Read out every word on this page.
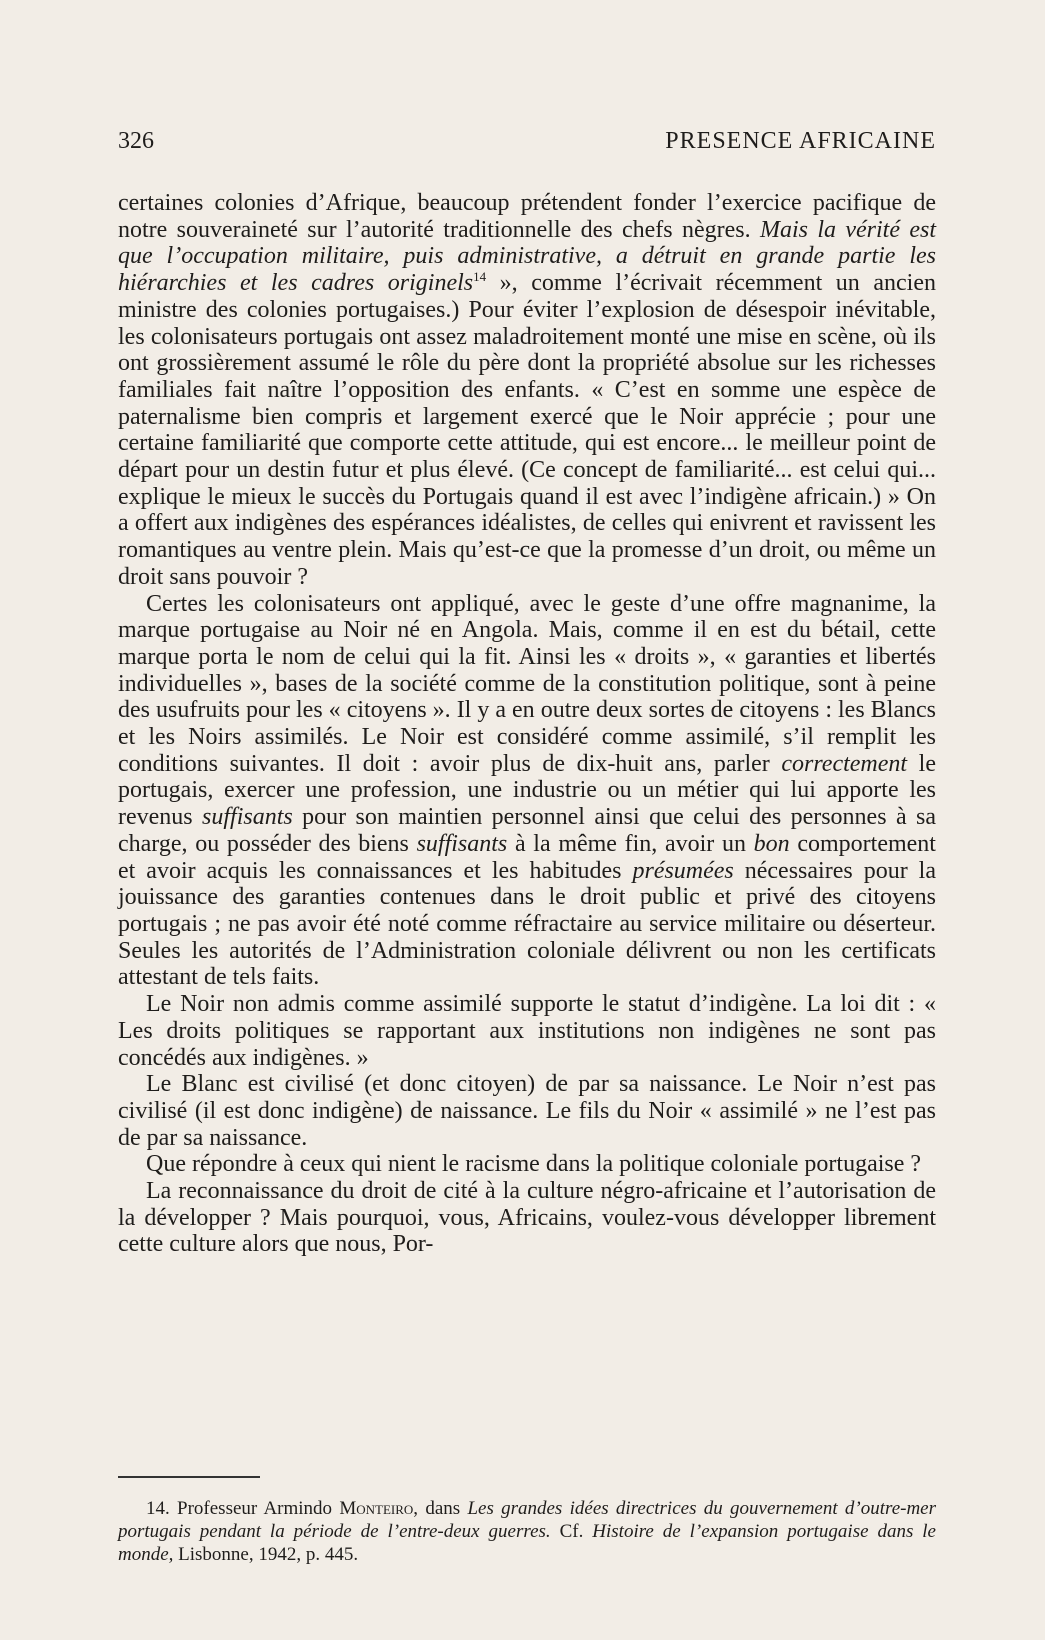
326	PRESENCE AFRICAINE

certaines colonies d’Afrique, beaucoup prétendent fonder l’exercice pacifique de notre souveraineté sur l’autorité traditionnelle des chefs nègres. Mais la vérité est que l’occupation militaire, puis administrative, a détruit en grande partie les hiérarchies et les cadres originels$^{14}$ », comme l’écrivait récemment un ancien ministre des colonies portugaises.) Pour éviter l’explosion de désespoir inévitable, les colonisateurs portugais ont assez maladroitement monté une mise en scène, où ils ont grossièrement assumé le rôle du père dont la propriété absolue sur les richesses familiales fait naître l’opposition des enfants. « C’est en somme une espèce de paternalisme bien compris et largement exercé que le Noir apprécie ; pour une certaine familiarité que comporte cette attitude, qui est encore... le meilleur point de départ pour un destin futur et plus élevé. (Ce concept de familiarité... est celui qui... explique le mieux le succès du Portugais quand il est avec l’indigène africain.) » On a offert aux indigènes des espérances idéalistes, de celles qui enivrent et ravissent les romantiques au ventre plein. Mais qu’est-ce que la promesse d’un droit, ou même un droit sans pouvoir ?

Certes les colonisateurs ont appliqué, avec le geste d’une offre magnanime, la marque portugaise au Noir né en Angola. Mais, comme il en est du bétail, cette marque porta le nom de celui qui la fit. Ainsi les « droits », « garanties et libertés individuelles », bases de la société comme de la constitution politique, sont à peine des usufruits pour les « citoyens ». Il y a en outre deux sortes de citoyens : les Blancs et les Noirs assimilés. Le Noir est considéré comme assimilé, s’il remplit les conditions suivantes. Il doit : avoir plus de dix-huit ans, parler correctement le portugais, exercer une profession, une industrie ou un métier qui lui apporte les revenus suffisants pour son maintien personnel ainsi que celui des personnes à sa charge, ou posséder des biens suffisants à la même fin, avoir un bon comportement et avoir acquis les connaissances et les habitudes présumées nécessaires pour la jouissance des garanties contenues dans le droit public et privé des citoyens portugais ; ne pas avoir été noté comme réfractaire au service militaire ou déserteur. Seules les autorités de l’Administration coloniale délivrent ou non les certificats attestant de tels faits.

Le Noir non admis comme assimilé supporte le statut d’indigène. La loi dit : « Les droits politiques se rapportant aux institutions non indigènes ne sont pas concédés aux indigènes. »

Le Blanc est civilisé (et donc citoyen) de par sa naissance. Le Noir n’est pas civilisé (il est donc indigène) de naissance. Le fils du Noir « assimilé » ne l’est pas de par sa naissance.

Que répondre à ceux qui nient le racisme dans la politique coloniale portugaise ?

La reconnaissance du droit de cité à la culture négro-africaine et l’autorisation de la développer ? Mais pourquoi, vous, Africains, voulez-vous développer librement cette culture alors que nous, Por-

14. Professeur Armindo Monteiro, dans Les grandes idées directrices du gouvernement d’outre-mer portugais pendant la période de l’entre-deux guerres. Cf. Histoire de l’expansion portugaise dans le monde, Lisbonne, 1942, p. 445.
